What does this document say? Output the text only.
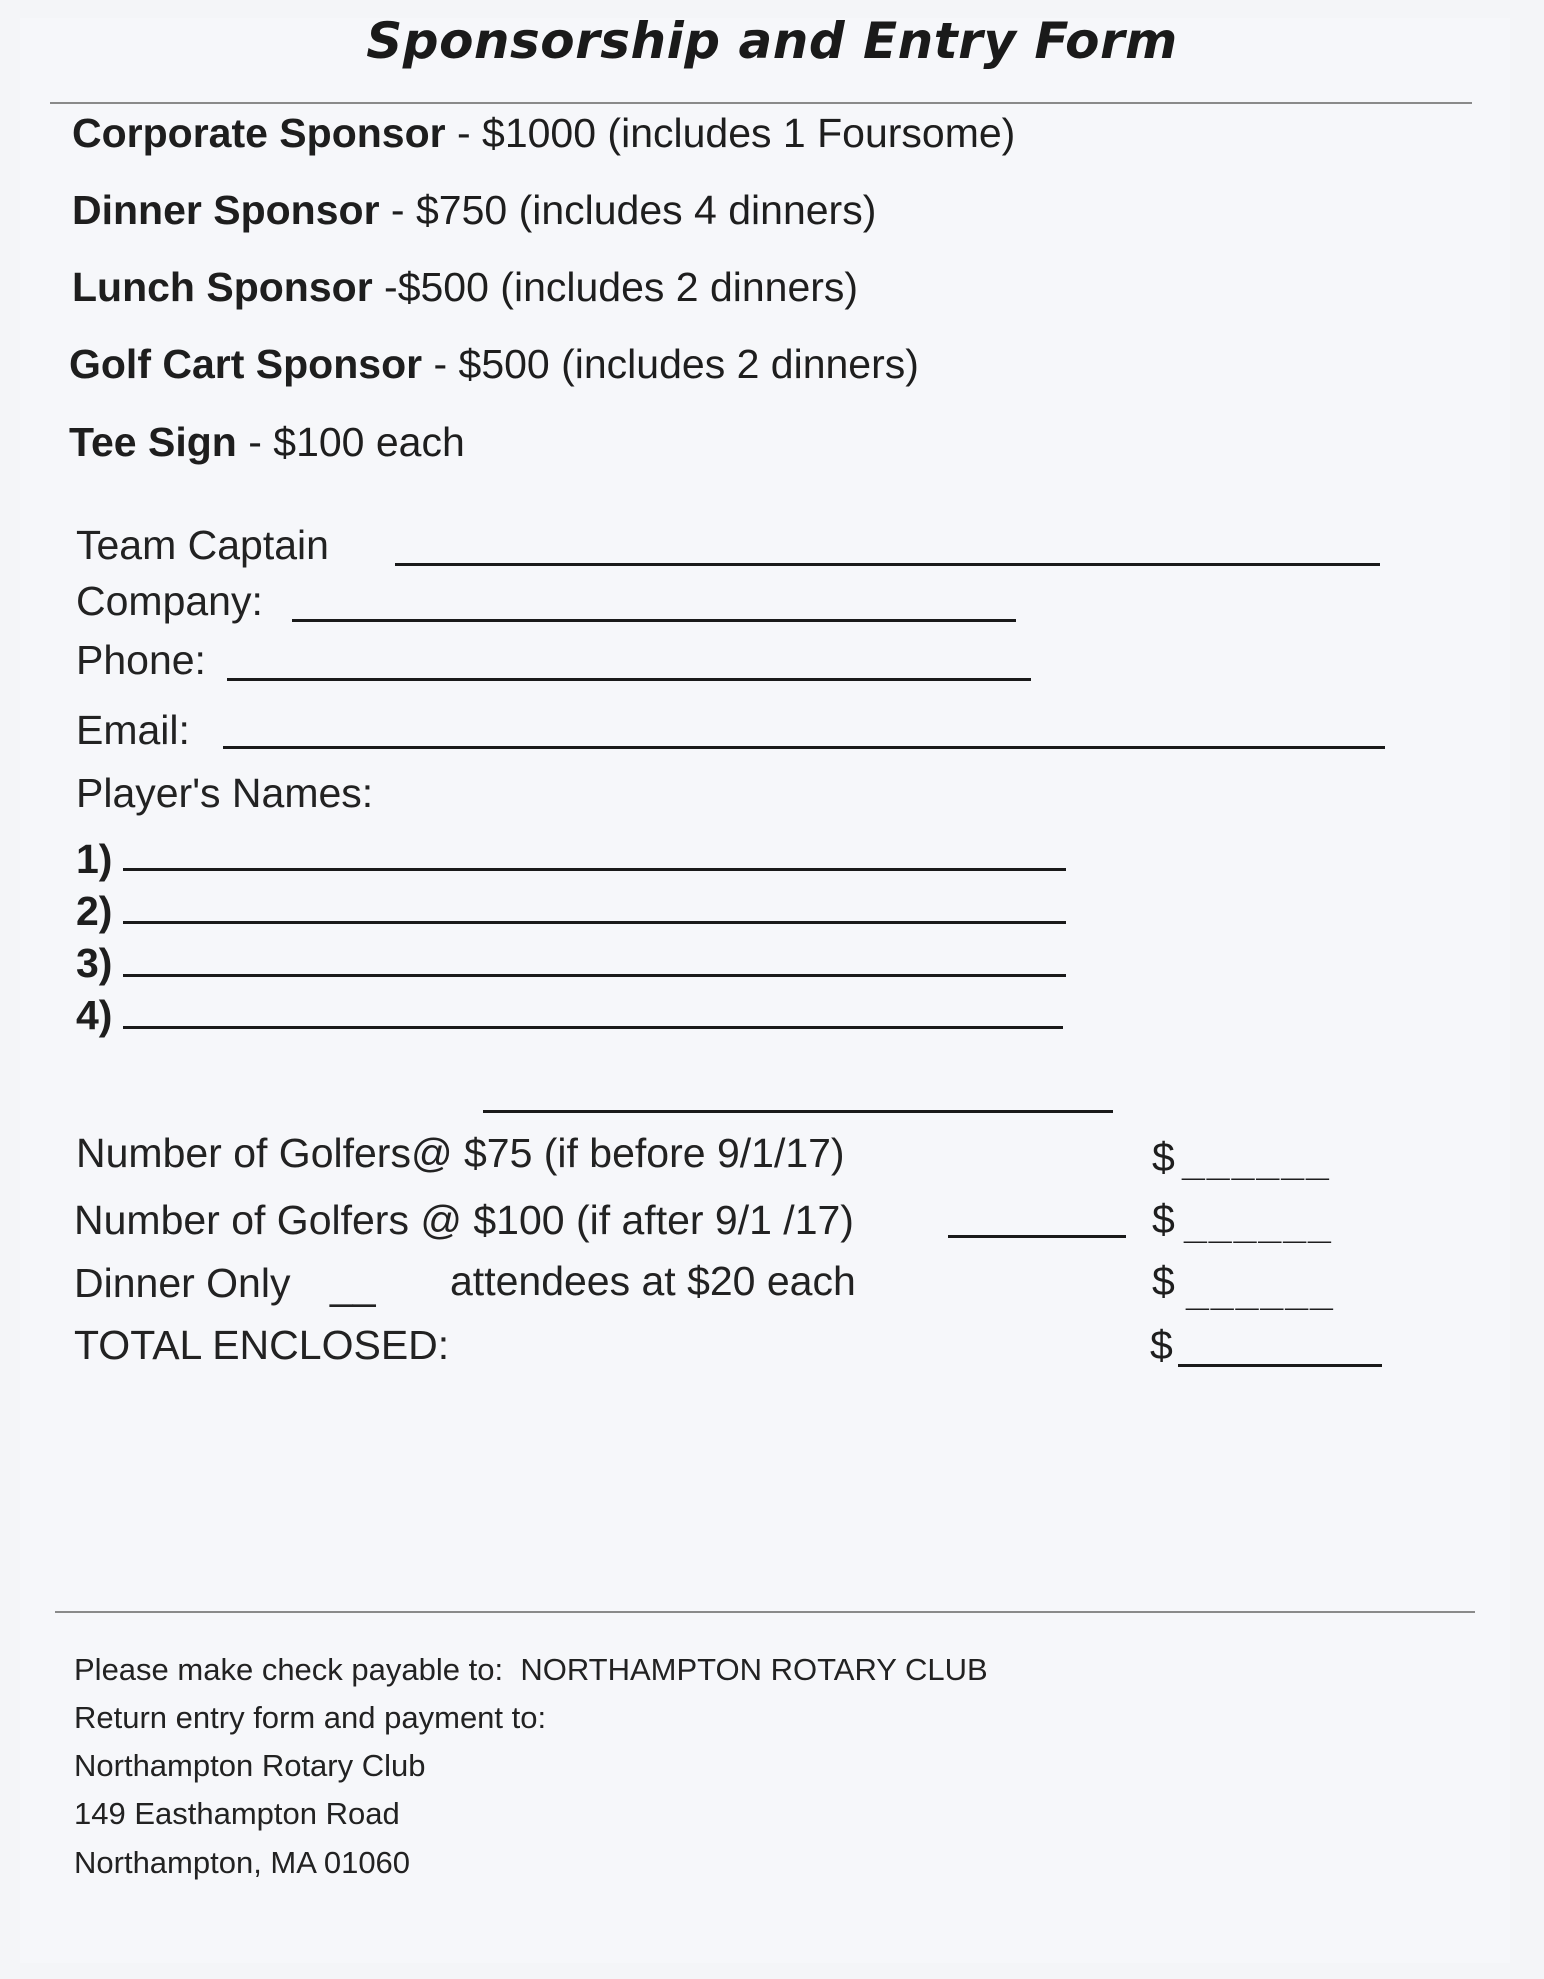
Sponsorship and Entry Form
Corporate Sponsor - $1000 (includes 1 Foursome)
Dinner Sponsor - $750 (includes 4 dinners)
Lunch Sponsor -$500 (includes 2 dinners)
Golf Cart Sponsor - $500 (includes 2 dinners)
Tee Sign - $100 each
Team Captain
Company:
Phone:
Email:
Player's Names:
1)
2)
3)
4)
Number of Golfers@ $75 (if before 9/1/17)	$ ______
Number of Golfers @ $100 (if after 9/1 /17)	$ ______
Dinner Only __ attendees at $20 each	$ ______
TOTAL ENCLOSED:	$
Please make check payable to: NORTHAMPTON ROTARY CLUB
Return entry form and payment to:
Northampton Rotary Club
149 Easthampton Road
Northampton, MA 01060
